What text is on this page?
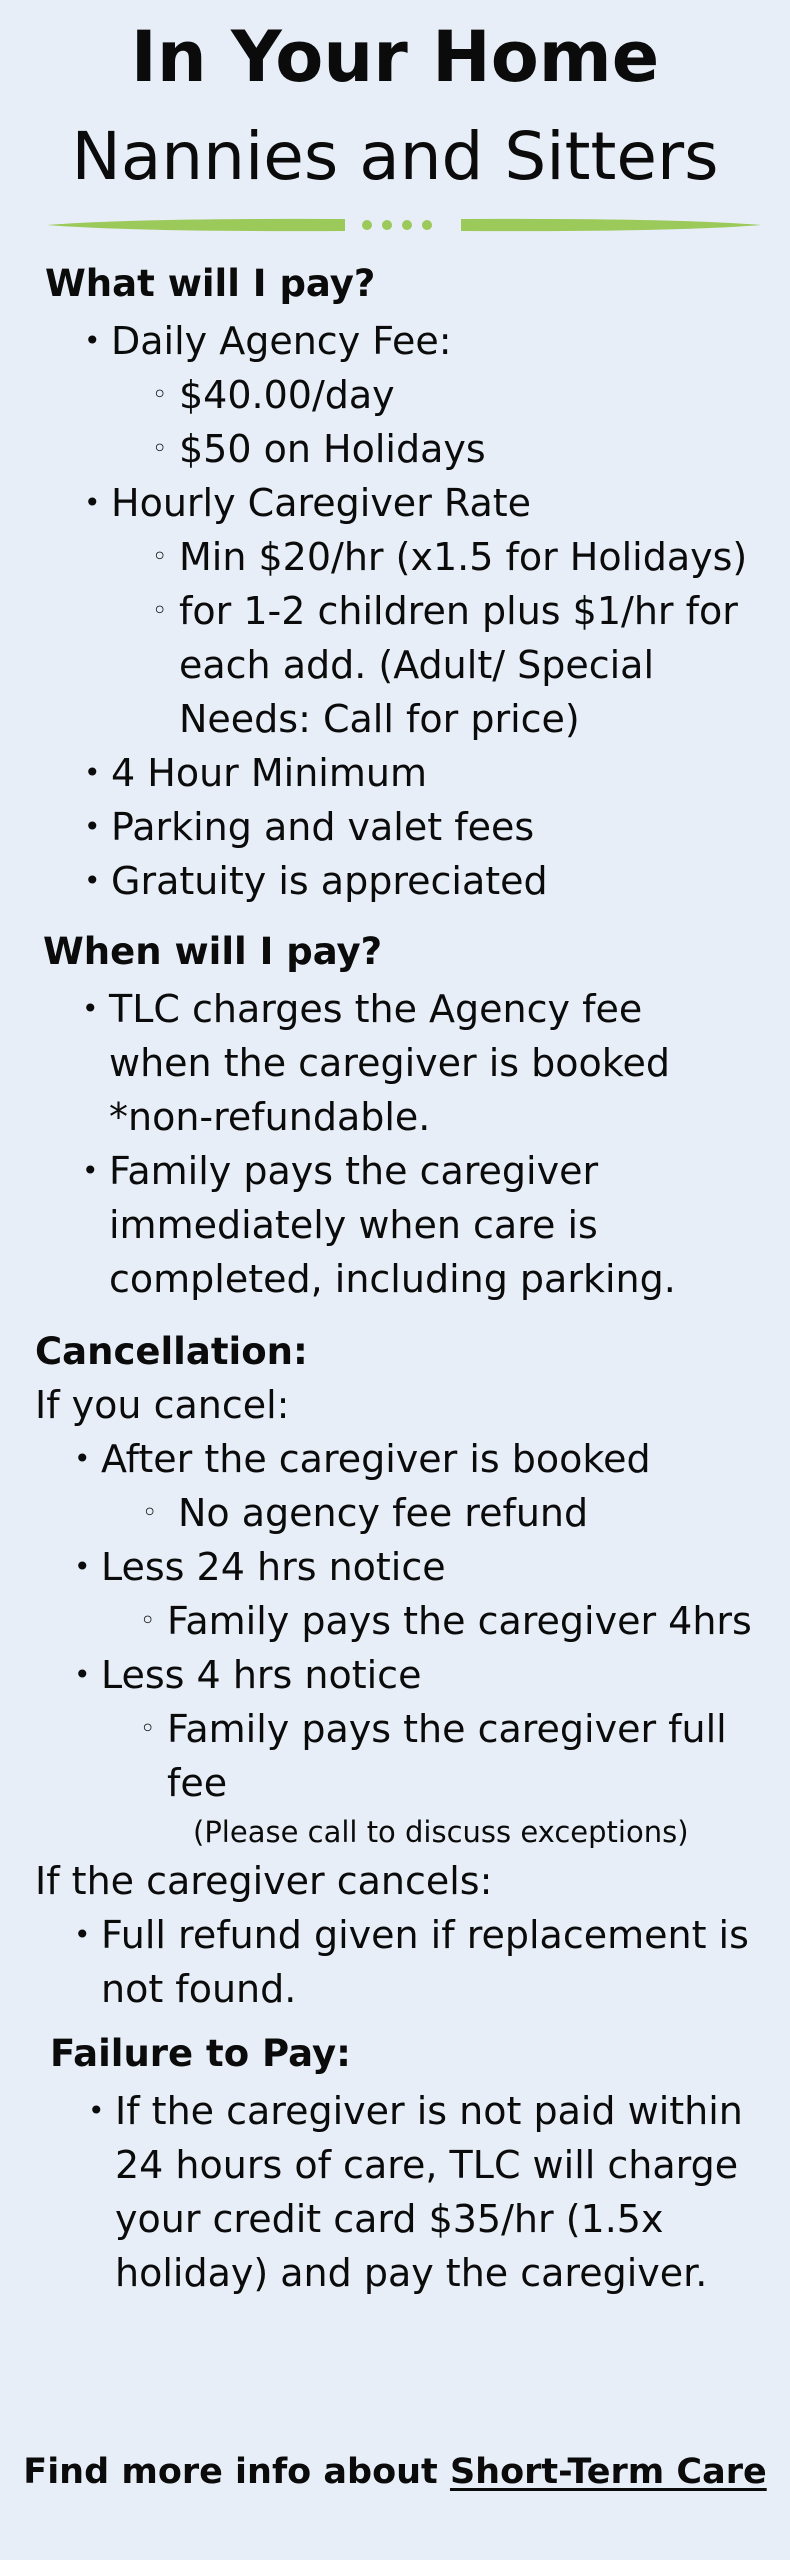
In Your Home
Nannies and Sitters
What will I pay?
• Daily Agency Fee:
◦ $40.00/day
◦ $50 on Holidays
• Hourly Caregiver Rate
◦ Min $20/hr (x1.5 for Holidays)
◦ for 1-2 children plus $1/hr for each add. (Adult/ Special Needs: Call for price)
• 4 Hour Minimum
• Parking and valet fees
• Gratuity is appreciated
When will I pay?
• TLC charges the Agency fee when the caregiver is booked *non-refundable.
• Family pays the caregiver immediately when care is completed, including parking.
Cancellation:
If you cancel:
• After the caregiver is booked
◦ No agency fee refund
• Less 24 hrs notice
◦ Family pays the caregiver 4hrs
• Less 4 hrs notice
◦ Family pays the caregiver full fee
(Please call to discuss exceptions)
If the caregiver cancels:
• Full refund given if replacement is not found.
Failure to Pay:
• If the caregiver is not paid within 24 hours of care, TLC will charge your credit card $35/hr (1.5x holiday) and pay the caregiver.
Find more info about Short-Term Care
